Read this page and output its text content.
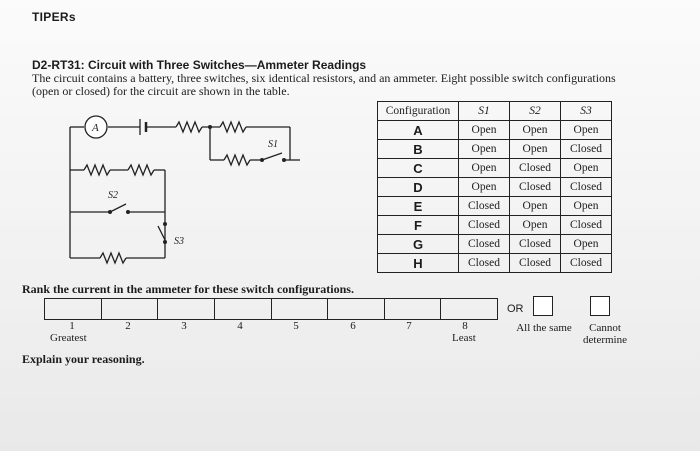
TIPERs
D2-RT31: Circuit with Three Switches—Ammeter Readings
The circuit contains a battery, three switches, six identical resistors, and an ammeter. Eight possible switch configurations (open or closed) for the circuit are shown in the table.
A
S1
S2
S3
Configuration	S1	S2	S3
A	Open	Open	Open
B	Open	Open	Closed
C	Open	Closed	Open
D	Open	Closed	Closed
E	Closed	Open	Open
F	Closed	Open	Closed
G	Closed	Closed	Open
H	Closed	Closed	Closed
Rank the current in the ammeter for these switch configurations.
1	2	3	4	5	6	7	8
Greatest	Least
OR
All the same	Cannot determine
Explain your reasoning.
